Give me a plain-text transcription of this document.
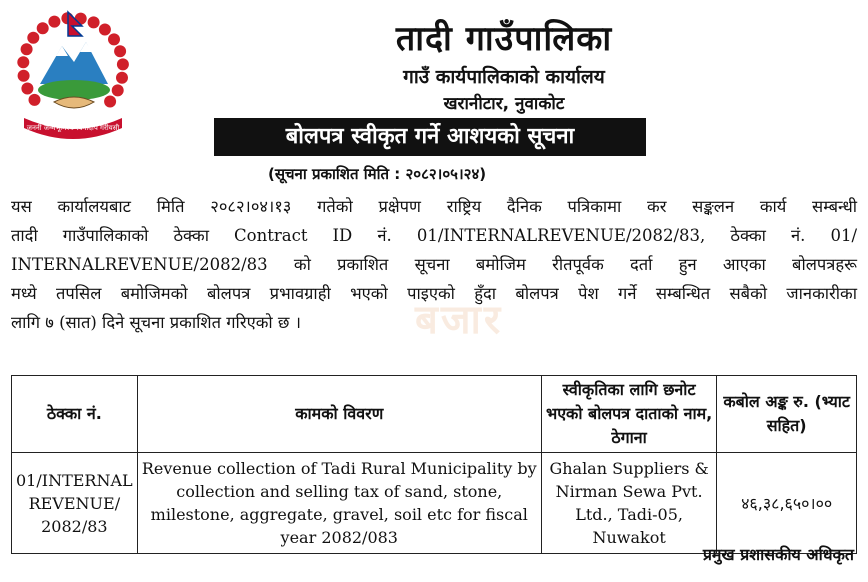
जननी जन्मभूमिश्च स्वर्गादपि गरीयसी
तादी गाउँपालिका
गाउँ कार्यपालिकाको कार्यालय
खरानीटार, नुवाकोट
बोलपत्र स्वीकृत गर्ने आशयको सूचना
(सूचना प्रकाशित मिति : २०८२।०५।२४)
यस कार्यालयबाट मिति २०८२।०४।१३ गतेको प्रक्षेपण राष्ट्रिय दैनिक पत्रिकामा कर सङ्कलन कार्य सम्बन्धी
तादी गाउँपालिकाको ठेक्का Contract ID नं. 01/INTERNALREVENUE/2082/83, ठेक्का नं. 01/
INTERNALREVENUE/2082/83 को प्रकाशित सूचना बमोजिम रीतपूर्वक दर्ता हुन आएका बोलपत्रहरू
मध्ये तपसिल बमोजिमको बोलपत्र प्रभावग्राही भएको पाइएको हुँदा बोलपत्र पेश गर्ने सम्बन्धित सबैको जानकारीका
लागि ७ (सात) दिने सूचना प्रकाशित गरिएको छ ।	बजार
ठेक्का नं.	कामको विवरण	स्वीकृतिका लागि छनोट भएको बोलपत्र दाताको नाम, ठेगाना	कबोल अङ्क रु. (भ्याट सहित)
01/INTERNAL REVENUE/ 2082/83	Revenue collection of Tadi Rural Municipality by collection and selling tax of sand, stone, milestone, aggregate, gravel, soil etc for fiscal year 2082/083	Ghalan Suppliers & Nirman Sewa Pvt. Ltd., Tadi-05, Nuwakot	४६,३८,६५०।००
प्रमुख प्रशासकीय अधिकृत
